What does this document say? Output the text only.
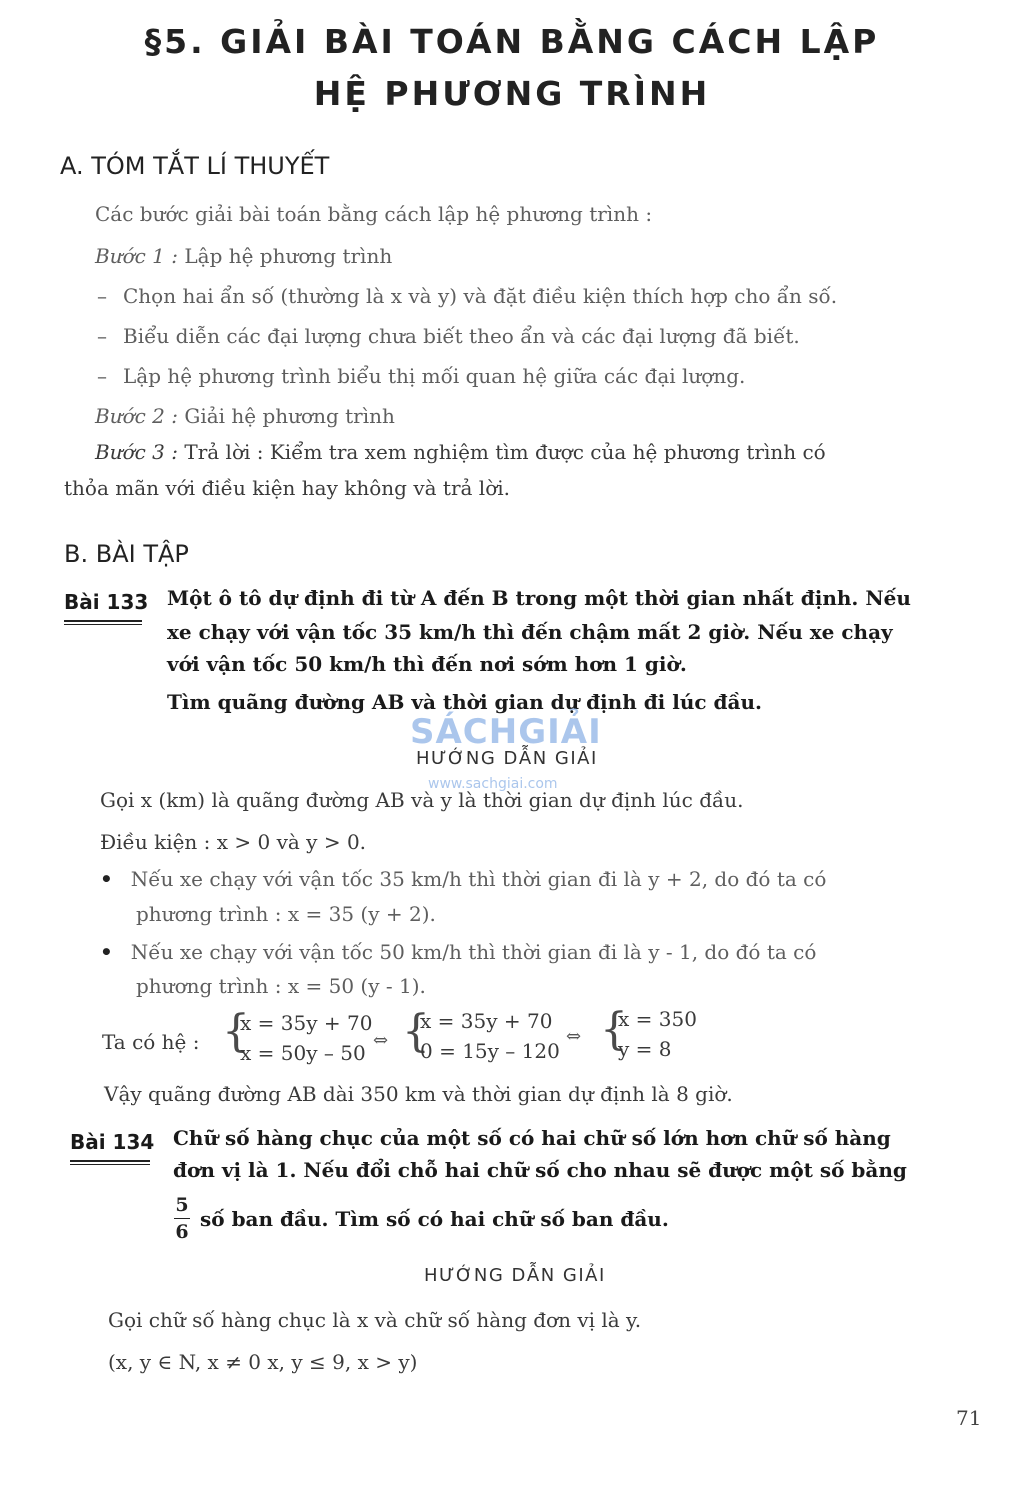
§5. GIẢI BÀI TOÁN BẰNG CÁCH LẬP
HỆ PHƯƠNG TRÌNH
A. TÓM TẮT LÍ THUYẾT
Các bước giải bài toán bằng cách lập hệ phương trình :
Bước 1 : Lập hệ phương trình
– Chọn hai ẩn số (thường là x và y) và đặt điều kiện thích hợp cho ẩn số.
– Biểu diễn các đại lượng chưa biết theo ẩn và các đại lượng đã biết.
– Lập hệ phương trình biểu thị mối quan hệ giữa các đại lượng.
Bước 2 : Giải hệ phương trình
Bước 3 : Trả lời : Kiểm tra xem nghiệm tìm được của hệ phương trình có
thỏa mãn với điều kiện hay không và trả lời.
B. BÀI TẬP
Bài 133 Một ô tô dự định đi từ A đến B trong một thời gian nhất định. Nếu
xe chạy với vận tốc 35 km/h thì đến chậm mất 2 giờ. Nếu xe chạy
với vận tốc 50 km/h thì đến nơi sớm hơn 1 giờ.
Tìm quãng đường AB và thời gian dự định đi lúc đầu.
SÁCHGIẢI
HƯỚNG DẪN GIẢI
www.sachgiai.com
Gọi x (km) là quãng đường AB và y là thời gian dự định lúc đầu.
Điều kiện : x > 0 và y > 0.
• Nếu xe chạy với vận tốc 35 km/h thì thời gian đi là y + 2, do đó ta có
phương trình : x = 35 (y + 2).
• Nếu xe chạy với vận tốc 50 km/h thì thời gian đi là y - 1, do đó ta có
phương trình : x = 50 (y - 1).
Ta có hệ : {
x = 35y + 70
x = 50y – 50
⇔ {
x = 35y + 70
0 = 15y – 120
⇔ {
x = 350
y = 8
Vậy quãng đường AB dài 350 km và thời gian dự định là 8 giờ.
Bài 134 Chữ số hàng chục của một số có hai chữ số lớn hơn chữ số hàng
đơn vị là 1. Nếu đổi chỗ hai chữ số cho nhau sẽ được một số bằng
5
6
số ban đầu. Tìm số có hai chữ số ban đầu.
HƯỚNG DẪN GIẢI
Gọi chữ số hàng chục là x và chữ số hàng đơn vị là y.
(x, y ∈ N, x ≠ 0 x, y ≤ 9, x > y)
71
